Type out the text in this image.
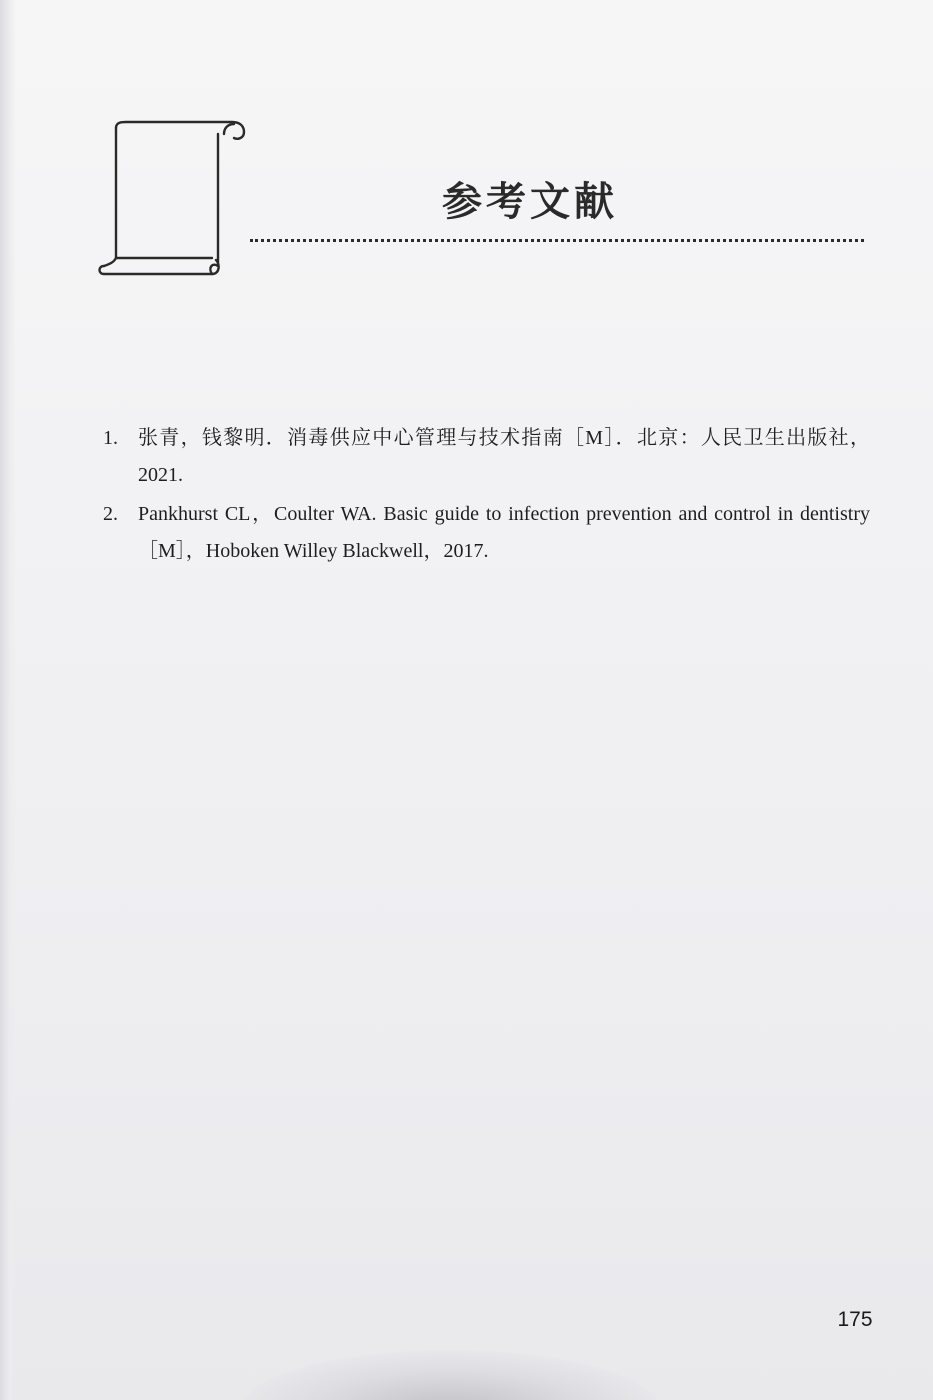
参考文献
1.	张青，钱黎明．消毒供应中心管理与技术指南［M］．北京：人民卫生出版社，2021.
2.	Pankhurst CL，Coulter WA. Basic guide to infection prevention and control in dentistry［M］，Hoboken Willey Blackwell，2017.
175
